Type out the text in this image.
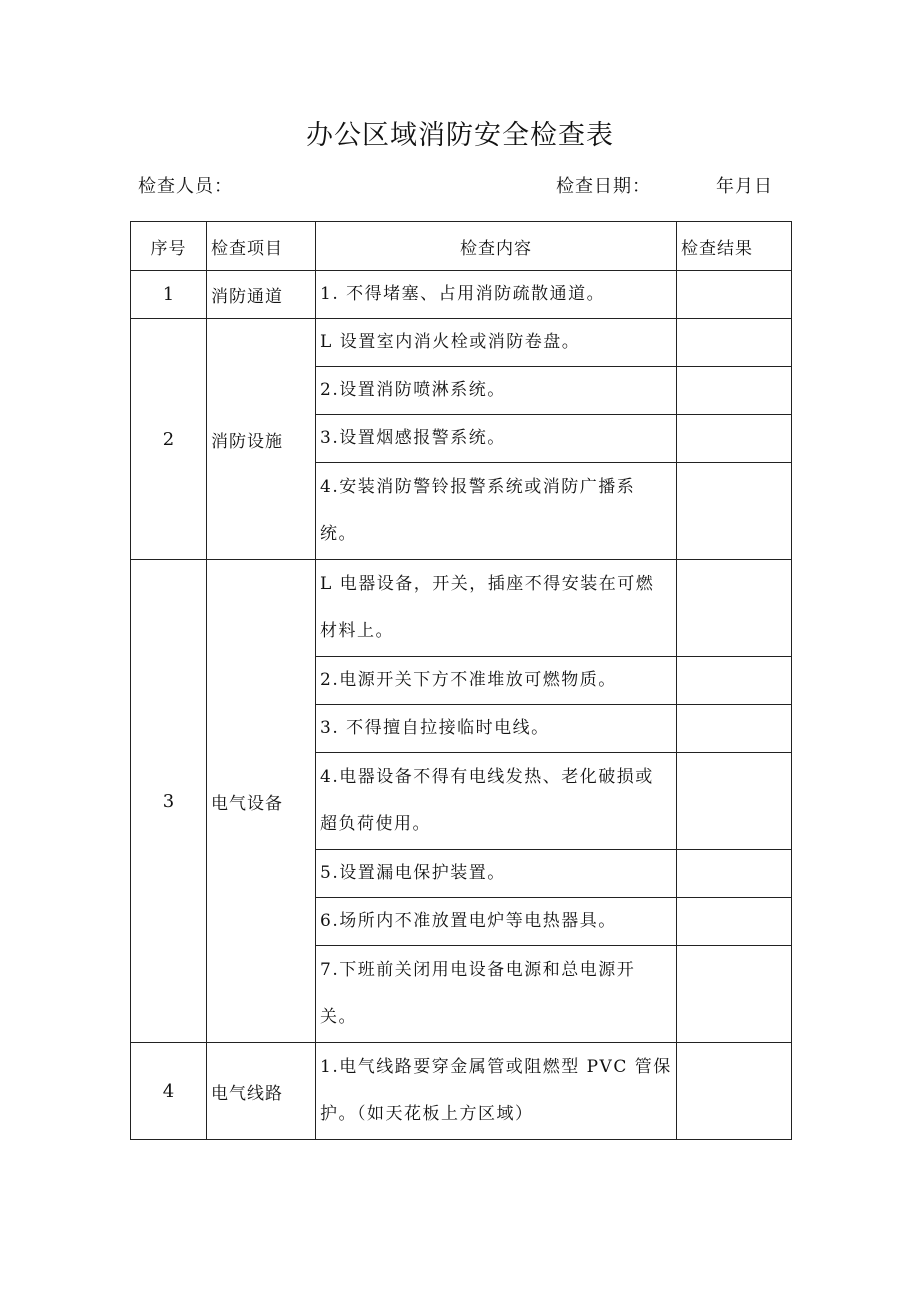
办公区域消防安全检查表
检查人员：	检查日期：	年月日
序号	检查项目	检查内容	检查结果
1	消防通道	1. 不得堵塞、占用消防疏散通道。	
2	消防设施	L 设置室内消火栓或消防卷盘。	
		2.设置消防喷淋系统。	
		3.设置烟感报警系统。	
		4.安装消防警铃报警系统或消防广播系统。	
3	电气设备	L 电器设备，开关，插座不得安装在可燃材料上。	
		2.电源开关下方不准堆放可燃物质。	
		3. 不得擅自拉接临时电线。	
		4.电器设备不得有电线发热、老化破损或超负荷使用。	
		5.设置漏电保护装置。	
		6.场所内不准放置电炉等电热器具。	
		7.下班前关闭用电设备电源和总电源开关。	
4	电气线路	1.电气线路要穿金属管或阻燃型 PVC 管保护。（如天花板上方区域）	
